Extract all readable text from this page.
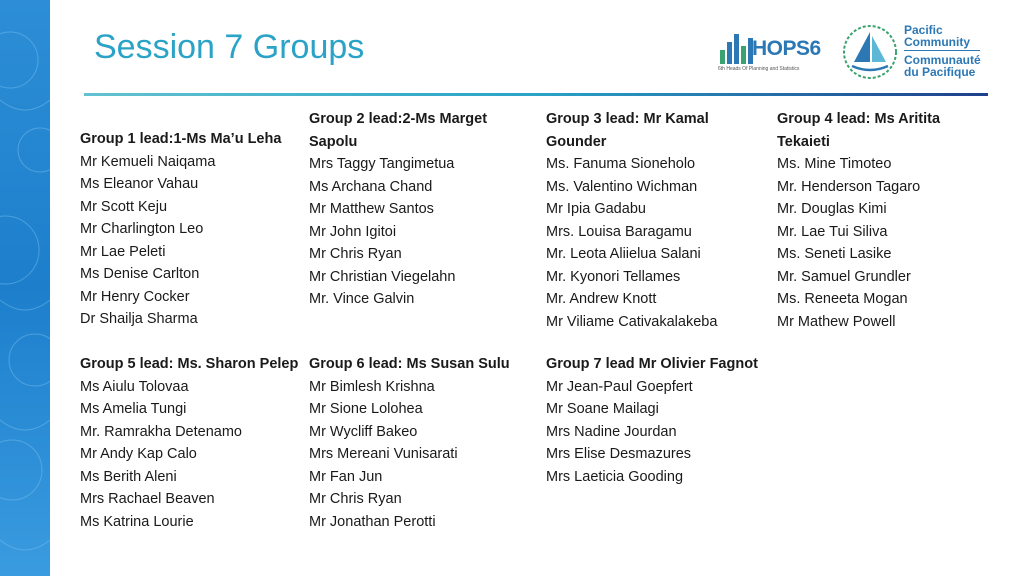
Session 7 Groups	HOPS6
6th Heads Of Planning and Statistics
Pacific
Community
Communauté
du Pacifique
Group 1 lead:1-Ms Ma’u Leha
Mr Kemueli Naiqama
Ms Eleanor Vahau
Mr Scott Keju
Mr Charlington Leo
Mr Lae Peleti
Ms Denise Carlton
Mr Henry Cocker
Dr Shailja Sharma
Group 2 lead:2-Ms Marget
Sapolu
Mrs Taggy Tangimetua
Ms Archana Chand
Mr Matthew Santos
Mr John Igitoi
Mr Chris Ryan
Mr Christian Viegelahn
Mr. Vince Galvin
Group 3 lead: Mr Kamal
Gounder
Ms. Fanuma Sioneholo
Ms. Valentino Wichman
Mr Ipia Gadabu
Mrs. Louisa Baragamu
Mr. Leota Aliielua Salani
Mr. Kyonori Tellames
Mr. Andrew Knott
Mr Viliame Cativakalakeba
Group 4 lead: Ms Aritita
Tekaieti
Ms. Mine Timoteo
Mr. Henderson Tagaro
Mr. Douglas Kimi
Mr. Lae Tui Siliva
Ms. Seneti Lasike
Mr. Samuel Grundler
Ms. Reneeta Mogan
Mr Mathew Powell
Group 5 lead: Ms. Sharon Pelep
Ms Aiulu Tolovaa
Ms Amelia Tungi
Mr. Ramrakha Detenamo
Mr Andy Kap Calo
Ms Berith Aleni
Mrs Rachael Beaven
Ms Katrina Lourie
Group 6 lead: Ms Susan Sulu
Mr Bimlesh Krishna
Mr Sione Lolohea
Mr Wycliff Bakeo
Mrs Mereani Vunisarati
Mr Fan Jun
Mr Chris Ryan
Mr Jonathan Perotti
Group 7 lead Mr Olivier Fagnot
Mr Jean-Paul Goepfert
Mr Soane Mailagi
Mrs Nadine Jourdan
Mrs Elise Desmazures
Mrs Laeticia Gooding
